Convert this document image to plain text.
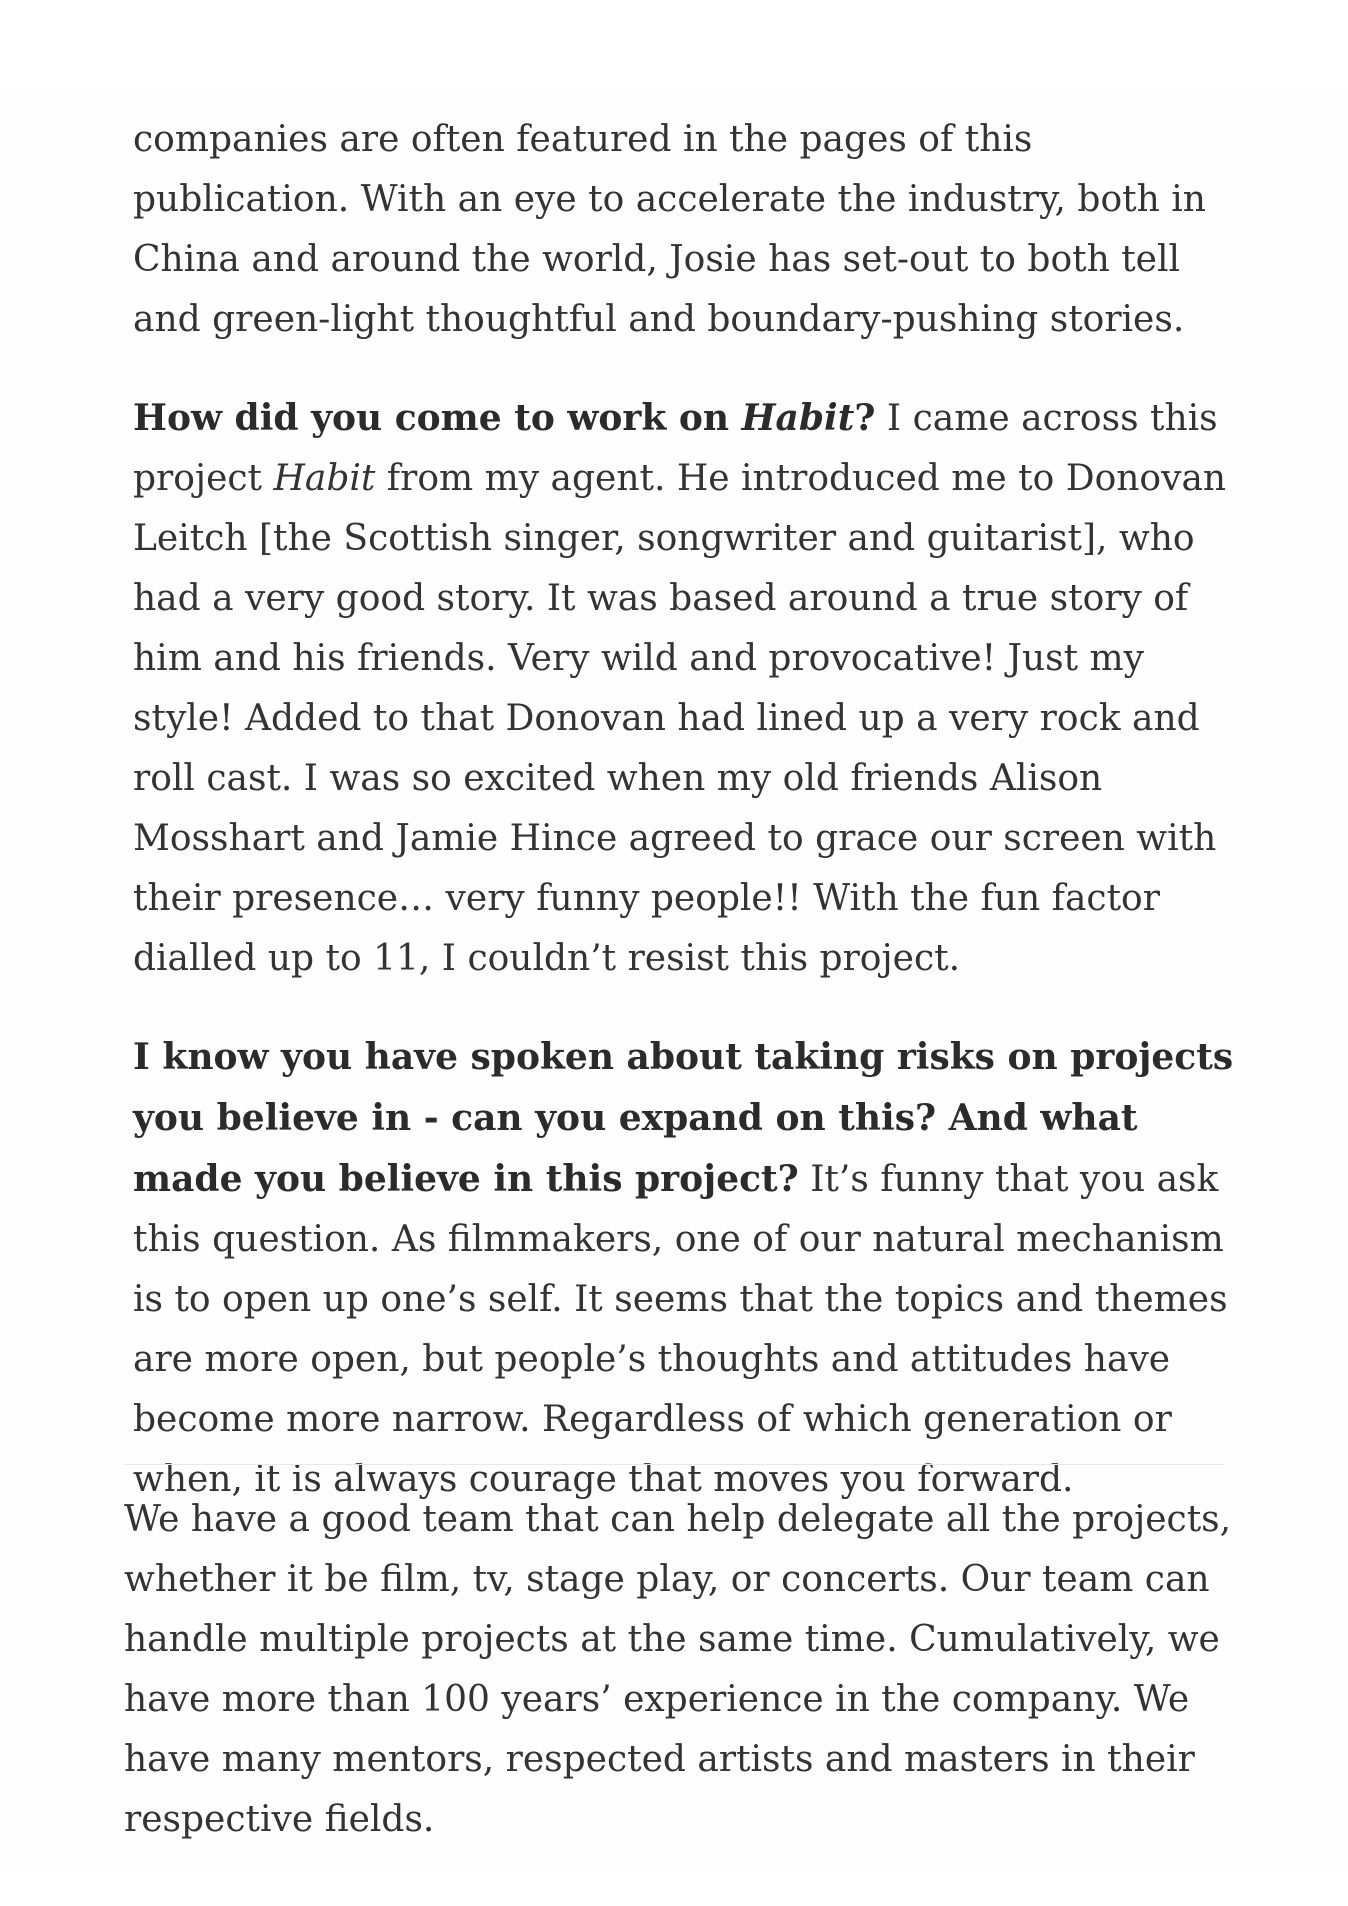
companies are often featured in the pages of this publication. With an eye to accelerate the industry, both in China and around the world, Josie has set-out to both tell and green-light thoughtful and boundary-pushing stories.

How did you come to work on Habit? I came across this project Habit from my agent. He introduced me to Donovan Leitch [the Scottish singer, songwriter and guitarist], who had a very good story. It was based around a true story of him and his friends. Very wild and provocative! Just my style! Added to that Donovan had lined up a very rock and roll cast. I was so excited when my old friends Alison Mosshart and Jamie Hince agreed to grace our screen with their presence… very funny people!! With the fun factor dialled up to 11, I couldn’t resist this project.

I know you have spoken about taking risks on projects you believe in - can you expand on this? And what made you believe in this project? It’s funny that you ask this question. As filmmakers, one of our natural mechanism is to open up one’s self. It seems that the topics and themes are more open, but people’s thoughts and attitudes have become more narrow. Regardless of which generation or when, it is always courage that moves you forward.

We have a good team that can help delegate all the projects, whether it be film, tv, stage play, or concerts. Our team can handle multiple projects at the same time. Cumulatively, we have more than 100 years’ experience in the company. We have many mentors, respected artists and masters in their respective fields.
